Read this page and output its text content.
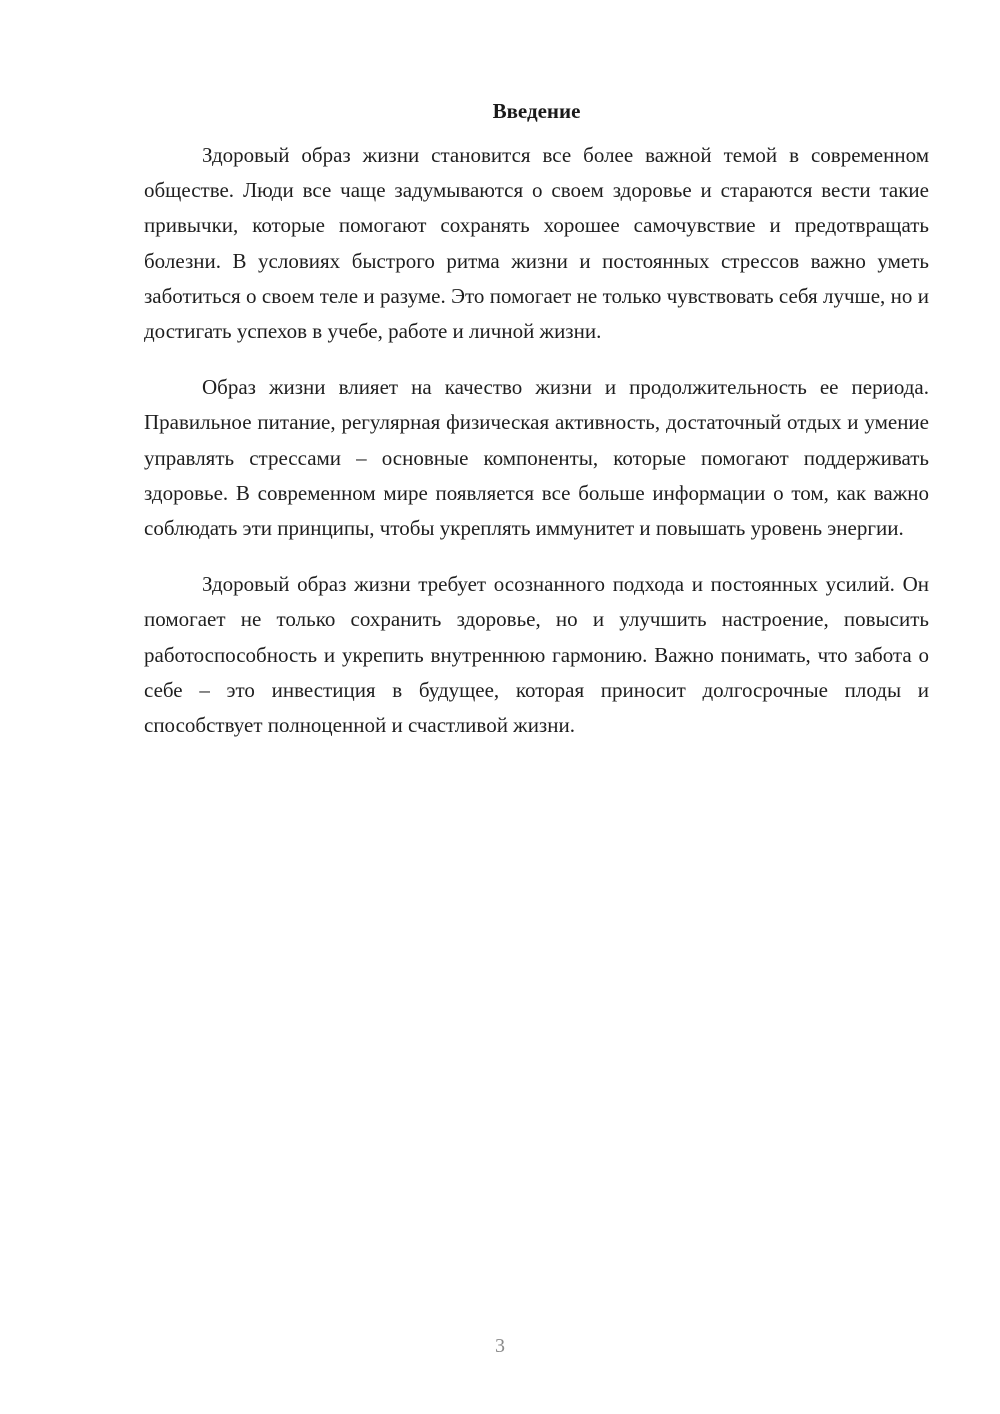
Введение

Здоровый образ жизни становится все более важной темой в современном обществе. Люди все чаще задумываются о своем здоровье и стараются вести такие привычки, которые помогают сохранять хорошее самочувствие и предотвращать болезни. В условиях быстрого ритма жизни и постоянных стрессов важно уметь заботиться о своем теле и разуме. Это помогает не только чувствовать себя лучше, но и достигать успехов в учебе, работе и личной жизни.

Образ жизни влияет на качество жизни и продолжительность ее периода. Правильное питание, регулярная физическая активность, достаточный отдых и умение управлять стрессами – основные компоненты, которые помогают поддерживать здоровье. В современном мире появляется все больше информации о том, как важно соблюдать эти принципы, чтобы укреплять иммунитет и повышать уровень энергии.

Здоровый образ жизни требует осознанного подхода и постоянных усилий. Он помогает не только сохранить здоровье, но и улучшить настроение, повысить работоспособность и укрепить внутреннюю гармонию. Важно понимать, что забота о себе – это инвестиция в будущее, которая приносит долгосрочные плоды и способствует полноценной и счастливой жизни.

3
